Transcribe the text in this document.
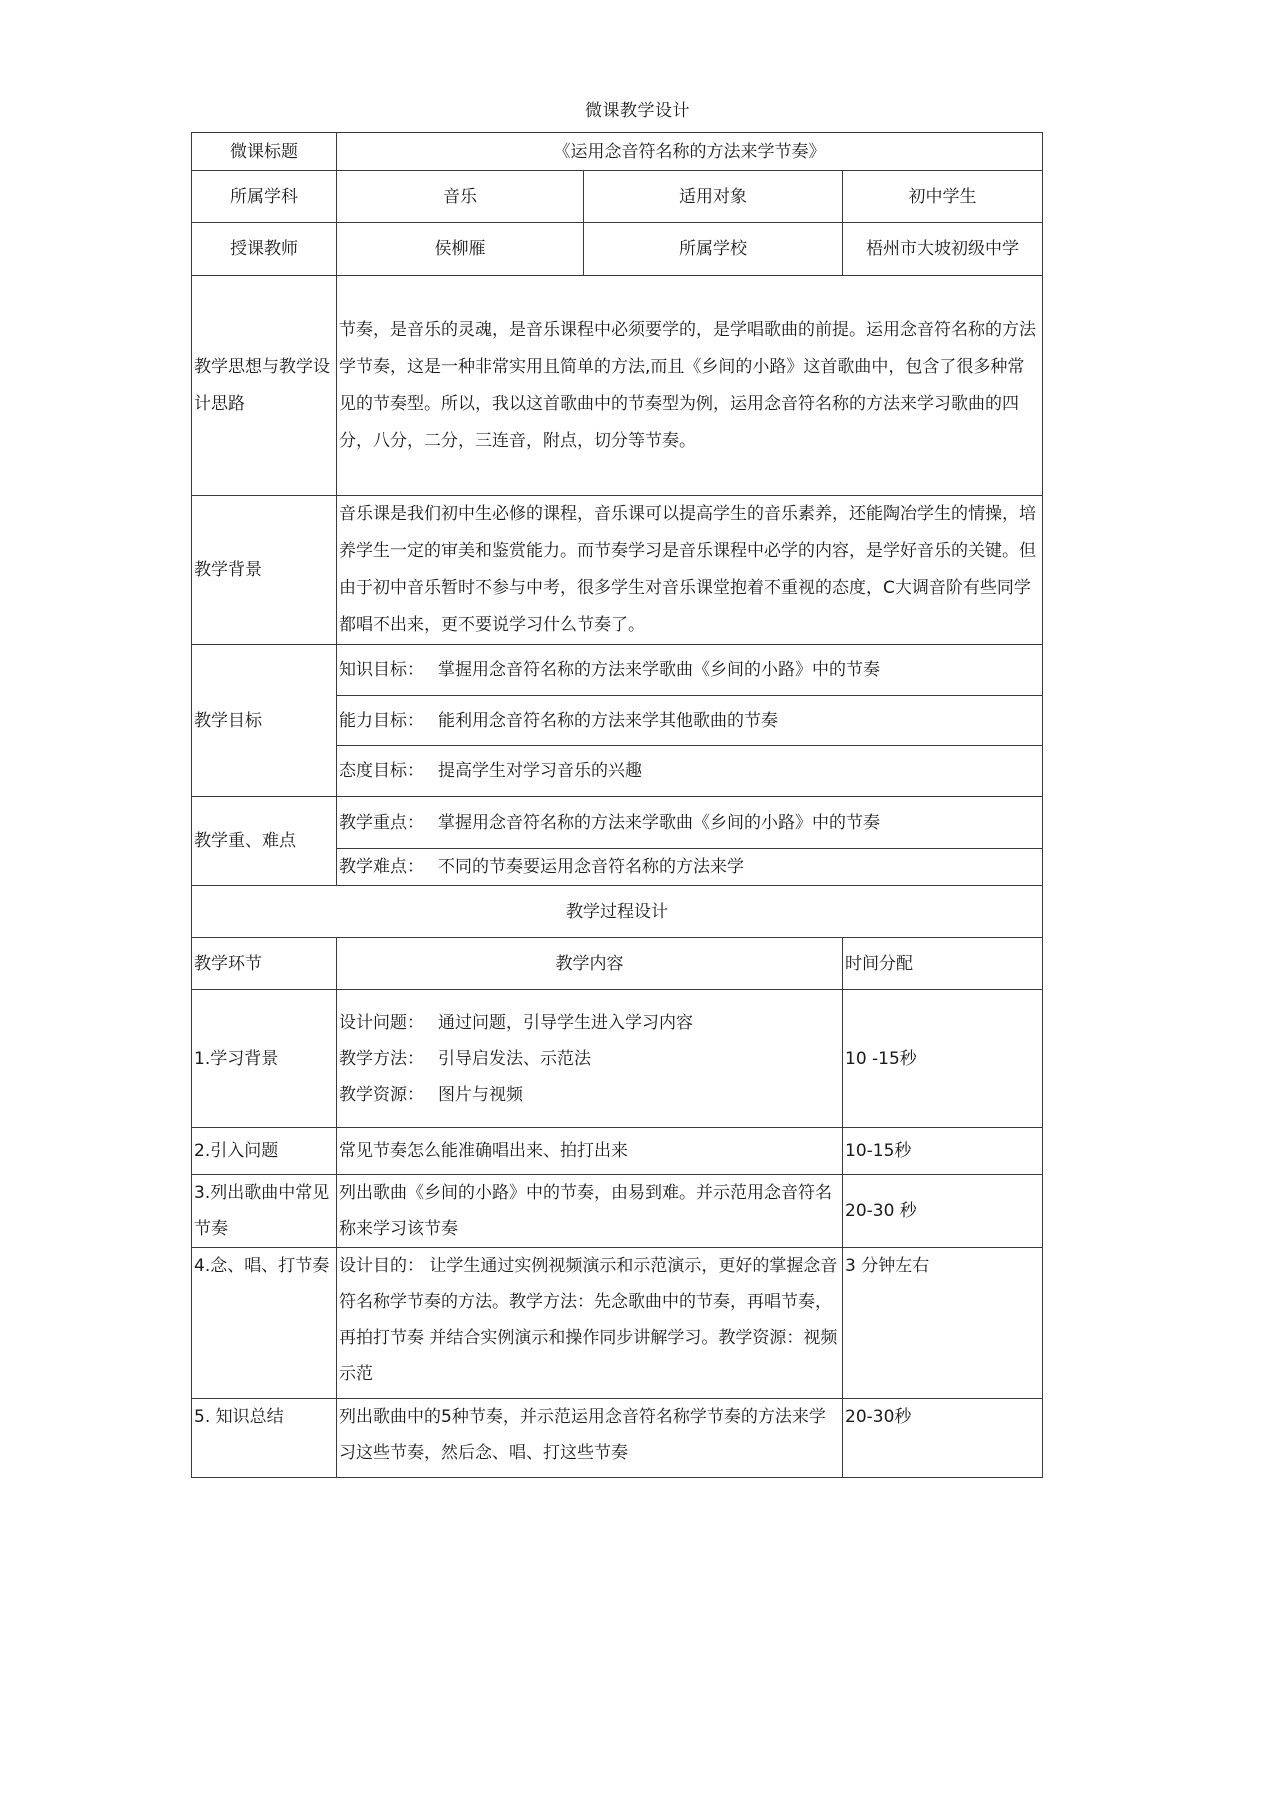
微课教学设计
微课标题	《运用念音符名称的方法来学节奏》		
所属学科	音乐	适用对象	初中学生
授课教师	侯柳雁	所属学校	梧州市大坡初级中学
教学思想与教学设计思路	节奏，是音乐的灵魂，是音乐课程中必须要学的，是学唱歌曲的前提。运用念音符名称的方法学节奏，这是一种非常实用且简单的方法,而且《乡间的小路》这首歌曲中，包含了很多种常见的节奏型。所以，我以这首歌曲中的节奏型为例，运用念音符名称的方法来学习歌曲的四分，八分，二分，三连音，附点，切分等节奏。		
教学背景	音乐课是我们初中生必修的课程，音乐课可以提高学生的音乐素养，还能陶冶学生的情操，培养学生一定的审美和鉴赏能力。而节奏学习是音乐课程中必学的内容，是学好音乐的关键。但由于初中音乐暂时不参与中考，很多学生对音乐课堂抱着不重视的态度，C大调音阶有些同学都唱不出来，更不要说学习什么节奏了。		
教学目标	知识目标： 掌握用念音符名称的方法来学歌曲《乡间的小路》中的节奏		
	能力目标： 能利用念音符名称的方法来学其他歌曲的节奏		
	态度目标： 提高学生对学习音乐的兴趣		
教学重、难点	教学重点： 掌握用念音符名称的方法来学歌曲《乡间的小路》中的节奏		
	教学难点： 不同的节奏要运用念音符名称的方法来学		
教学过程设计			
教学环节	教学内容		时间分配
1.学习背景	设计问题： 通过问题，引导学生进入学习内容
教学方法： 引导启发法、示范法
教学资源： 图片与视频		10 -15秒
2.引入问题	常见节奏怎么能准确唱出来、拍打出来		10-15秒
3.列出歌曲中常见节奏	列出歌曲《乡间的小路》中的节奏，由易到难。并示范用念音符名称来学习该节奏		20-30 秒
4.念、唱、打节奏	设计目的： 让学生通过实例视频演示和示范演示，更好的掌握念音符名称学节奏的方法。教学方法：先念歌曲中的节奏，再唱节奏，再拍打节奏 并结合实例演示和操作同步讲解学习。教学资源：视频示范		3 分钟左右
5. 知识总结	列出歌曲中的5种节奏，并示范运用念音符名称学节奏的方法来学习这些节奏，然后念、唱、打这些节奏		20-30秒
